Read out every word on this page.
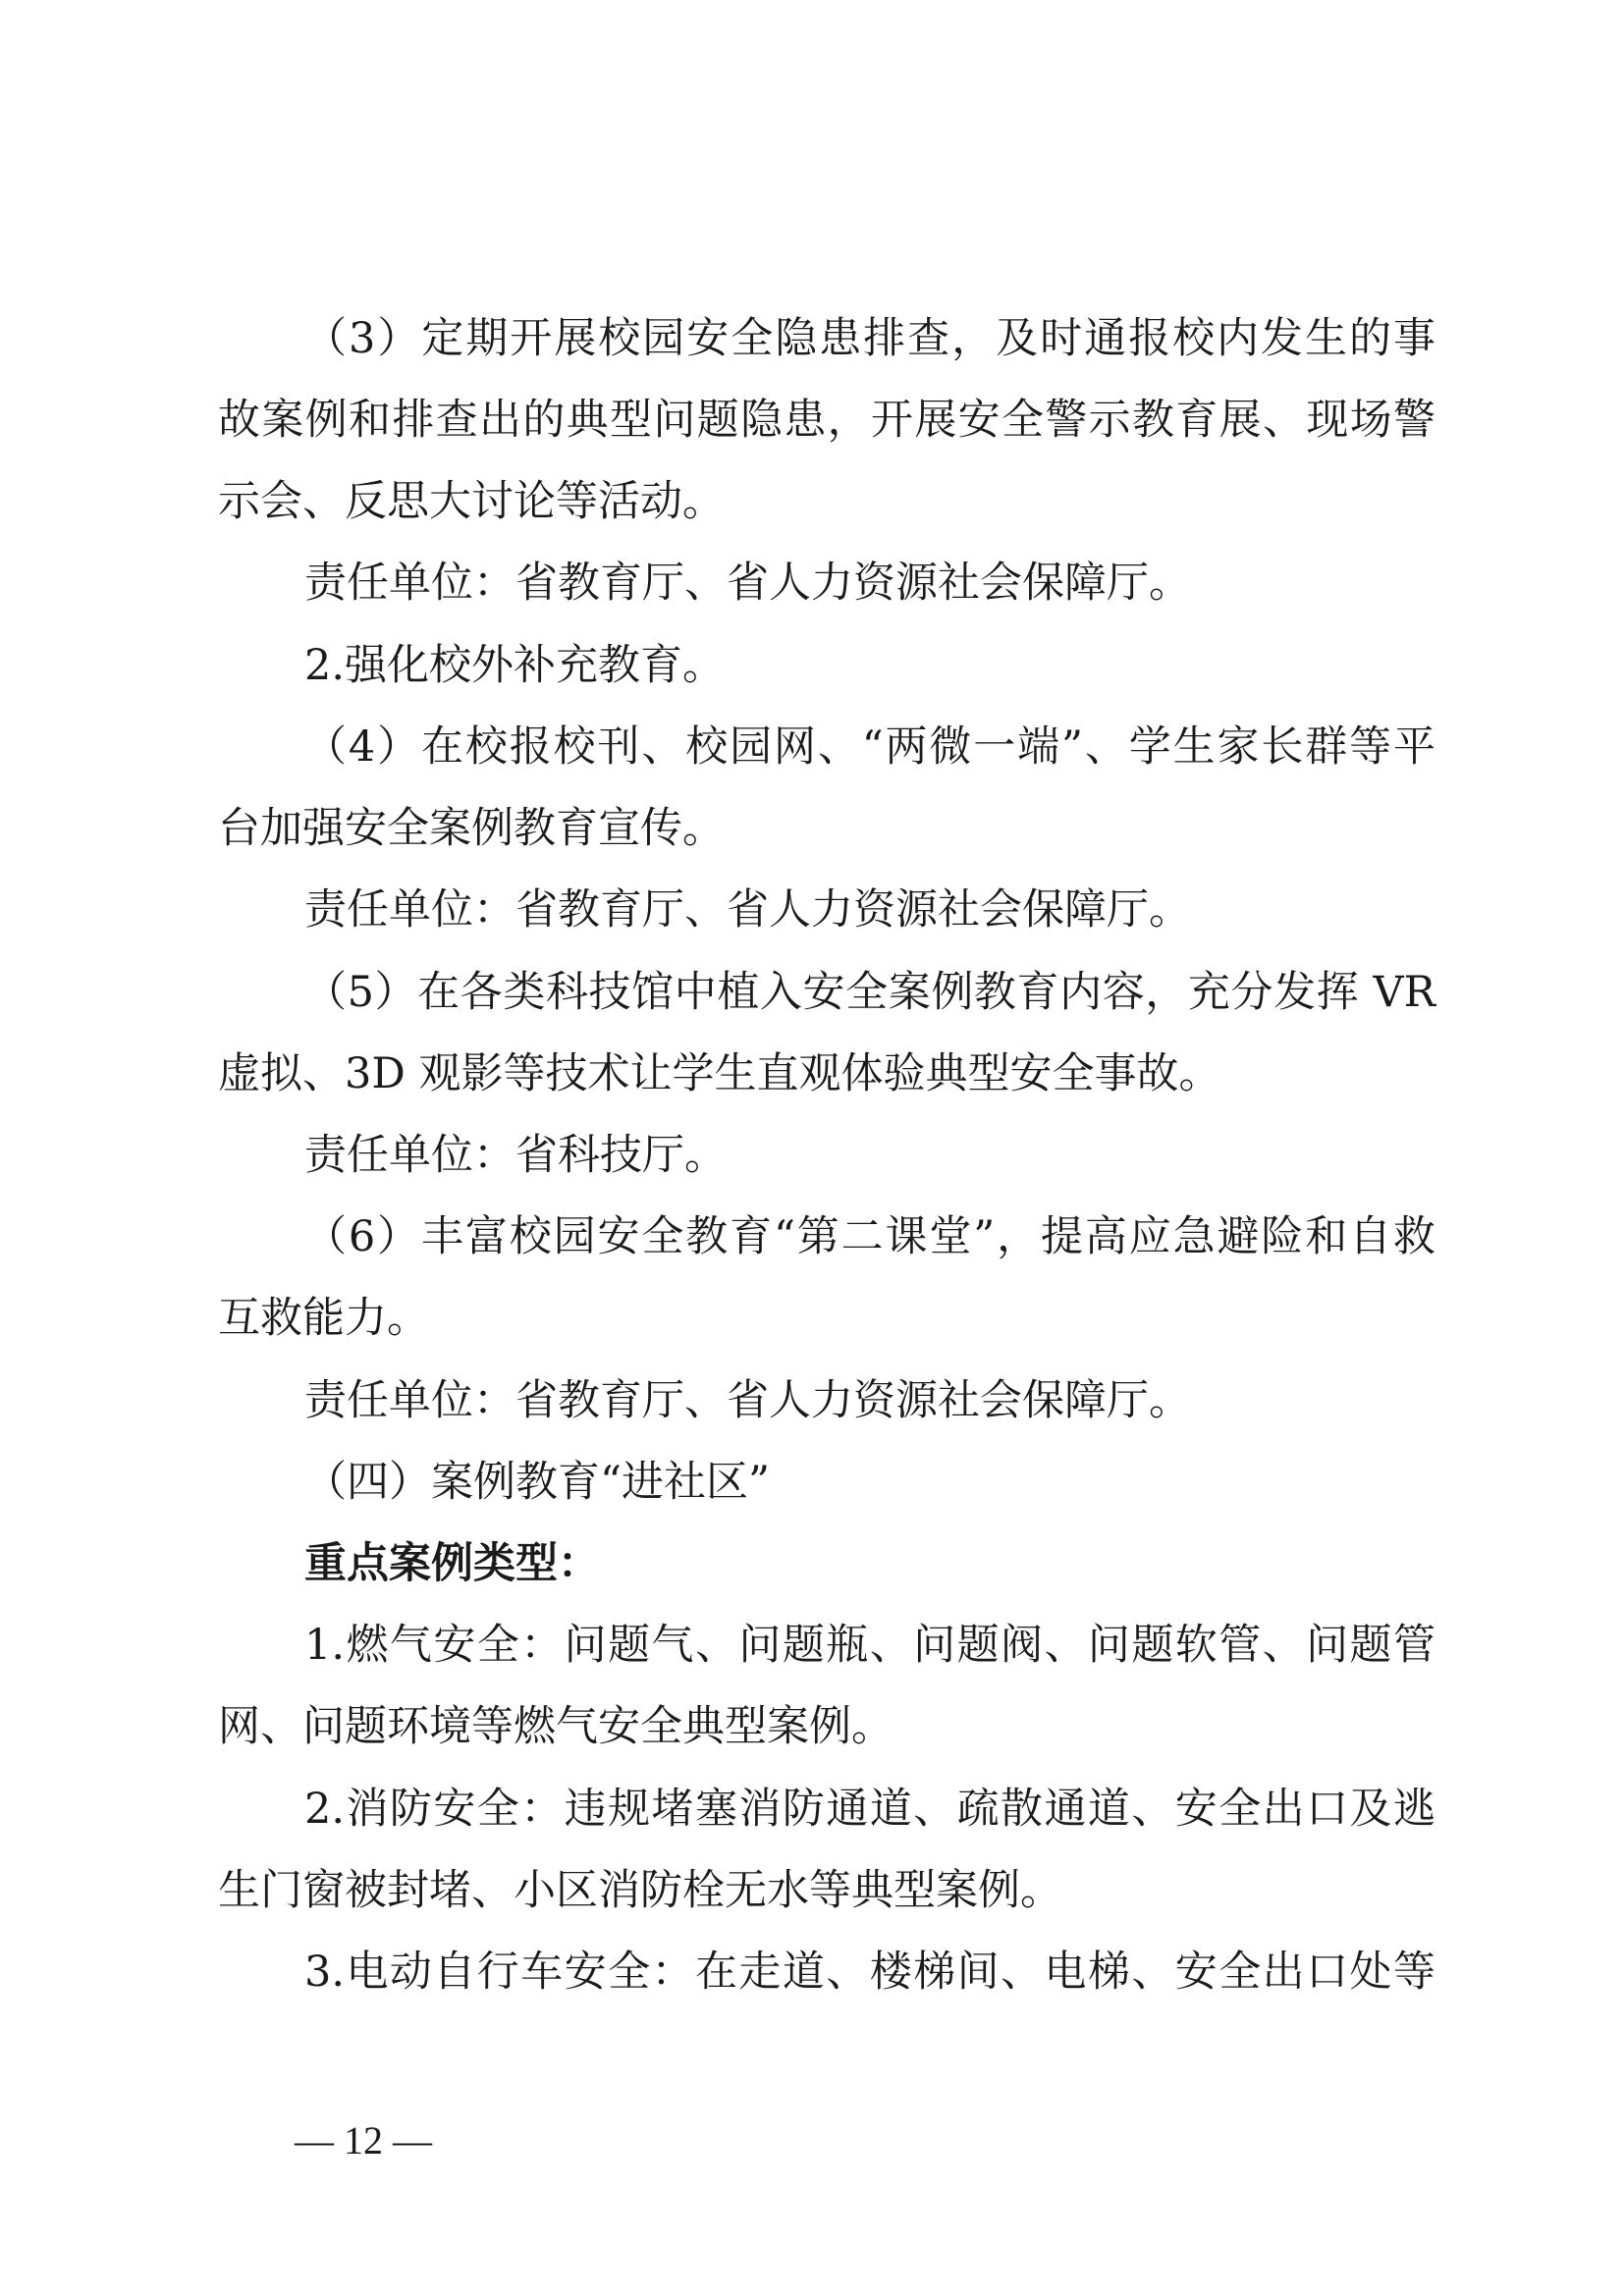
（3）定期开展校园安全隐患排查，及时通报校内发生的事
故案例和排查出的典型问题隐患，开展安全警示教育展、现场警
示会、反思大讨论等活动。
责任单位：省教育厅、省人力资源社会保障厅。
2.强化校外补充教育。
（4）在校报校刊、校园网、“两微一端”、学生家长群等平
台加强安全案例教育宣传。
责任单位：省教育厅、省人力资源社会保障厅。
（5）在各类科技馆中植入安全案例教育内容，充分发挥 VR
虚拟、3D 观影等技术让学生直观体验典型安全事故。
责任单位：省科技厅。
（6）丰富校园安全教育“第二课堂”，提高应急避险和自救
互救能力。
责任单位：省教育厅、省人力资源社会保障厅。
（四）案例教育“进社区”
重点案例类型：
1.燃气安全：问题气、问题瓶、问题阀、问题软管、问题管
网、问题环境等燃气安全典型案例。
2.消防安全：违规堵塞消防通道、疏散通道、安全出口及逃
生门窗被封堵、小区消防栓无水等典型案例。
3.电动自行车安全：在走道、楼梯间、电梯、安全出口处等
— 12 —
